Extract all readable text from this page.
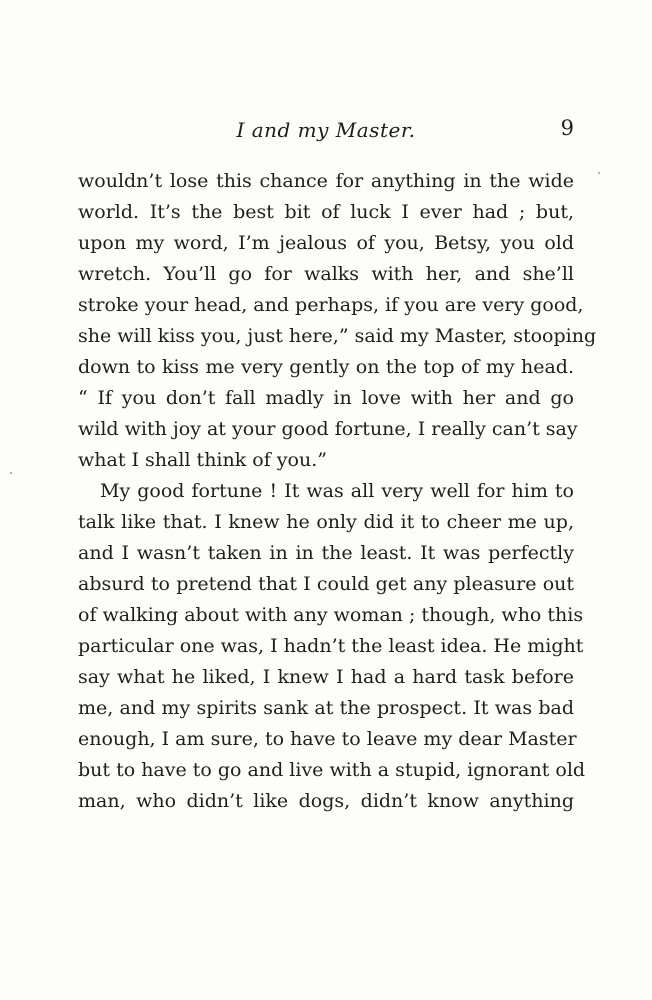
I and my Master.	9
wouldn’t lose this chance for anything in the wide
world. It’s the best bit of luck I ever had ; but,
upon my word, I’m jealous of you, Betsy, you old
wretch. You’ll go for walks with her, and she’ll
stroke your head, and perhaps, if you are very good,
she will kiss you, just here,” said my Master, stooping
down to kiss me very gently on the top of my head.
“ If you don’t fall madly in love with her and go
wild with joy at your good fortune, I really can’t say
what I shall think of you.”
My good fortune ! It was all very well for him to
talk like that. I knew he only did it to cheer me up,
and I wasn’t taken in in the least. It was perfectly
absurd to pretend that I could get any pleasure out
of walking about with any woman ; though, who this
particular one was, I hadn’t the least idea. He might
say what he liked, I knew I had a hard task before
me, and my spirits sank at the prospect. It was bad
enough, I am sure, to have to leave my dear Master
but to have to go and live with a stupid, ignorant old
man, who didn’t like dogs, didn’t know anything
